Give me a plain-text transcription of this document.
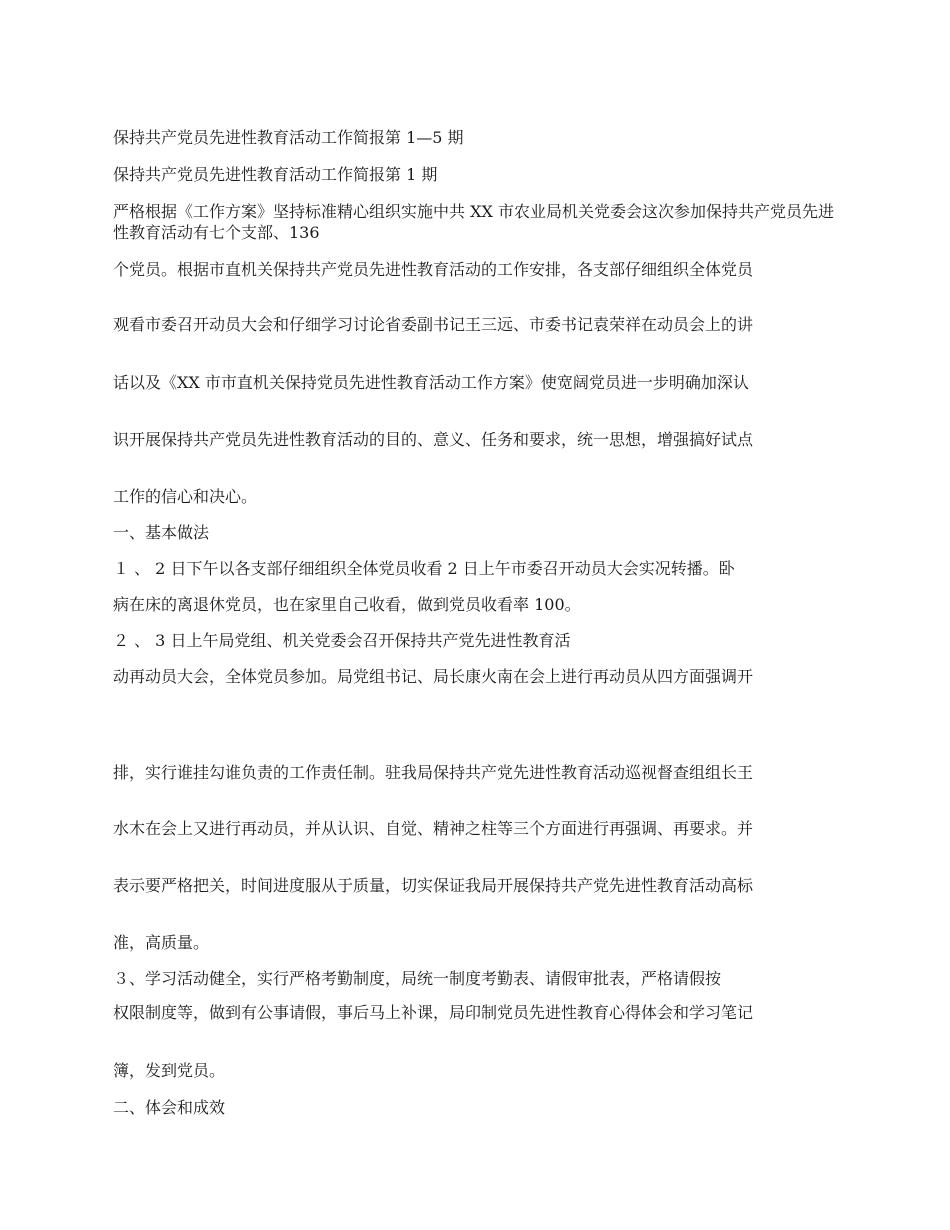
保持共产党员先进性教育活动工作简报第 1—5 期

保持共产党员先进性教育活动工作简报第 1 期

严格根据《工作方案》坚持标准精心组织实施中共 XX 市农业局机关党委会这次参加保持共产党员先进性教育活动有七个支部、136

个党员。根据市直机关保持共产党员先进性教育活动的工作安排，各支部仔细组织全体党员

观看市委召开动员大会和仔细学习讨论省委副书记王三远、市委书记袁荣祥在动员会上的讲

话以及《XX 市市直机关保持党员先进性教育活动工作方案》使宽阔党员进一步明确加深认

识开展保持共产党员先进性教育活动的目的、意义、任务和要求，统一思想，增强搞好试点

工作的信心和决心。

一、基本做法

１ 、 2 日下午以各支部仔细组织全体党员收看 2 日上午市委召开动员大会实况转播。卧

病在床的离退休党员，也在家里自己收看，做到党员收看率 100。

２ 、 3 日上午局党组、机关党委会召开保持共产党先进性教育活

动再动员大会，全体党员参加。局党组书记、局长康火南在会上进行再动员从四方面强调开

排，实行谁挂勾谁负责的工作责任制。驻我局保持共产党先进性教育活动巡视督查组组长王

水木在会上又进行再动员，并从认识、自觉、精神之柱等三个方面进行再强调、再要求。并

表示要严格把关，时间进度服从于质量，切实保证我局开展保持共产党先进性教育活动高标

准，高质量。

３、学习活动健全，实行严格考勤制度，局统一制度考勤表、请假审批表，严格请假按

权限制度等，做到有公事请假，事后马上补课，局印制党员先进性教育心得体会和学习笔记

簿，发到党员。

二、体会和成效
